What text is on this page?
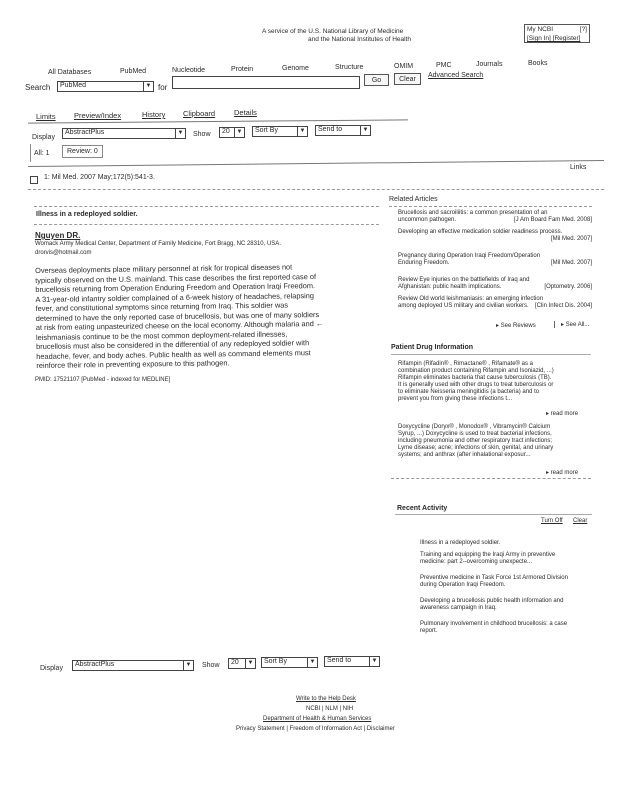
A service of the U.S. National Library of Medicine
and the National Institutes of Health
My NCBI	[?]
[Sign In] [Register]
All Databases	PubMed	Nucleotide	Protein	Genome	Structure	OMIM	PMC	Journals	Books
Search	PubMed	▼ for
Go	Clear
Advanced Search
Limits Preview/Index	History Clipboard	Details
Display
AbstractPlus	▼ Show	20	▼	Sort By	▼	Send to	▼
All: 1	Review: 0
Links
1: Mil Med. 2007 May;172(5):541-3.
Illness in a redeployed soldier.
Nguyen DR.
Womack Army Medical Center, Department of Family Medicine, Fort Bragg, NC 28310, USA.
drorvis@hotmail.com

Overseas deployments place military personnel at risk for tropical diseases not

typically observed on the U.S. mainland. This case describes the first reported case of

brucellosis returning from Operation Enduring Freedom and Operation Iraqi Freedom.

A 31-year-old infantry soldier complained of a 6-week history of headaches, relapsing

fever, and constitutional symptoms since returning from Iraq. This soldier was

determined to have the only reported case of brucellosis, but was one of many soldiers

at risk from eating unpasteurized cheese on the local economy. Although malaria and ←

leishmaniasis continue to be the most common deployment-related illnesses,

brucellosis must also be considered in the differential of any redeployed soldier with

headache, fever, and body aches. Public health as well as command elements must

reinforce their role in preventing exposure to this pathogen.

PMID: 17521107 [PubMed - indexed for MEDLINE]
Related Articles
Brucellosis and sacroiliitis: a common presentation of an
uncommon pathogen.	[J Am Board Fam Med. 2008]
Developing an effective medication soldier readiness process.
[Mil Med. 2007]
Pregnancy during Operation Iraqi Freedom/Operation
Enduring Freedom.	[Mil Med. 2007]
Review Eye injuries on the battlefields of Iraq and
Afghanistan: public health implications.	[Optometry. 2006]
Review Old world leishmaniasis: an emerging infection
among deployed US military and civilian workers. [Clin Infect Dis. 2004]
▸ See Reviews	▸ See All...
Patient Drug Information
Rifampin (Rifadin® , Rimactane® , Rifamate® as a
combination product containing Rifampin and Isoniazid, ...)
Rifampin eliminates bacteria that cause tuberculosis (TB).
It is generally used with other drugs to treat tuberculosis or
to eliminate Neisseria meningitidis (a bacteria) and to
prevent you from giving these infections t...
▸ read more
Doxycycline (Doryx® , Monodox® , Vibramycin® Calcium
Syrup, ...) Doxycycline is used to treat bacterial infections,
including pneumonia and other respiratory tract infections;
Lyme disease; acne; infections of skin, genital, and urinary
systems; and anthrax (after inhalational exposur...
▸ read more
Recent Activity
Turn Off Clear
Illness in a redeployed soldier.
Training and equipping the Iraqi Army in preventive
medicine: part 2--overcoming unexpecte...
Preventive medicine in Task Force 1st Armored Division
during Operation Iraqi Freedom.
Developing a brucellosis public health information and
awareness campaign in Iraq.
Pulmonary involvement in childhood brucellosis: a case
report.
Display
AbstractPlus	▼ Show	20	▼	Sort By	▼	Send to	▼
Write to the Help Desk
NCBI | NLM | NIH
Department of Health & Human Services
Privacy Statement | Freedom of Information Act | Disclaimer
